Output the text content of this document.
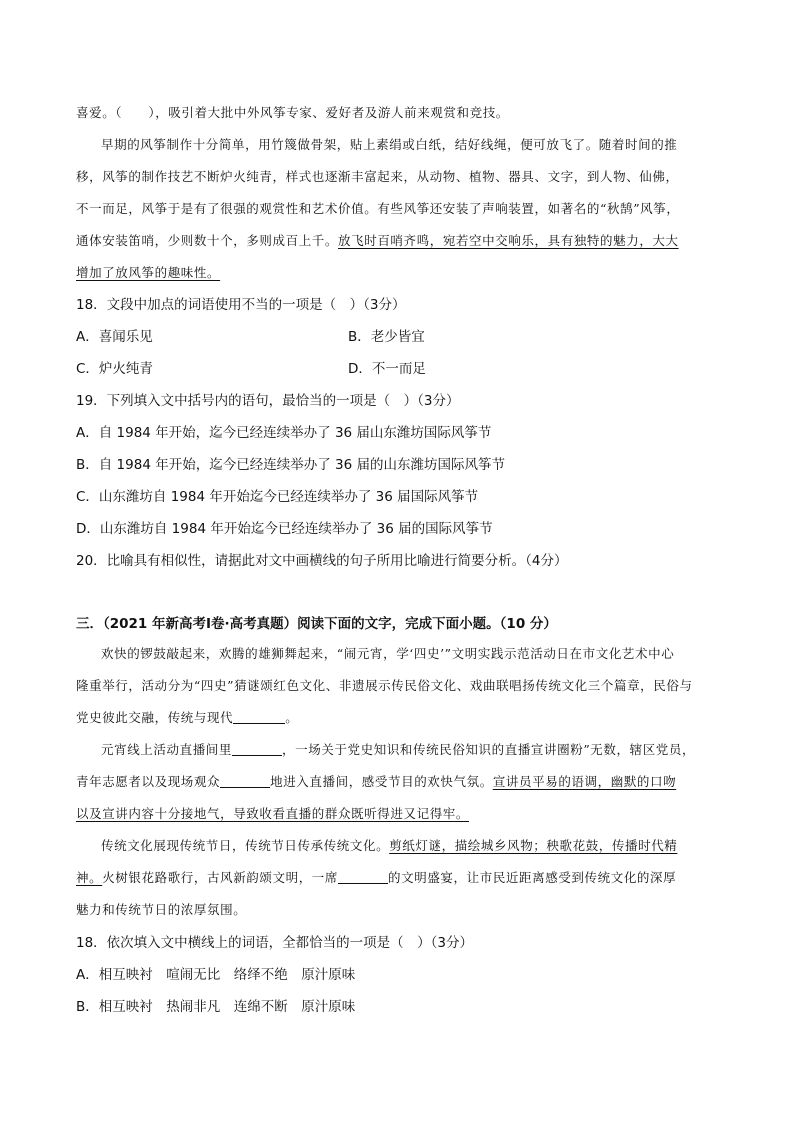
喜爱。（　　），吸引着大批中外风筝专家、爱好者及游人前来观赏和竞技。
早期的风筝制作十分简单，用竹篾做骨架，贴上素绢或白纸，结好线绳，便可放飞了。随着时间的推
移，风筝的制作技艺不断炉火纯青，样式也逐渐丰富起来，从动物、植物、器具、文字，到人物、仙佛，
不一而足，风筝于是有了很强的观赏性和艺术价值。有些风筝还安装了声响装置，如著名的“秋鹄”风筝，
通体安装笛哨，少则数十个，多则成百上千。放飞时百哨齐鸣，宛若空中交响乐，具有独特的魅力，大大
增加了放风筝的趣味性。
18．文段中加点的词语使用不当的一项是（　）（3分）
A．喜闻乐见	B．老少皆宜
C．炉火纯青	D．不一而足
19．下列填入文中括号内的语句，最恰当的一项是（　）（3分）
A．自 1984 年开始，迄今已经连续举办了 36 届山东潍坊国际风筝节
B．自 1984 年开始，迄今已经连续举办了 36 届的山东潍坊国际风筝节
C．山东潍坊自 1984 年开始迄今已经连续举办了 36 届国际风筝节
D．山东潍坊自 1984 年开始迄今已经连续举办了 36 届的国际风筝节
20．比喻具有相似性，请据此对文中画横线的句子所用比喻进行简要分析。（4分）
三．（2021 年新高考Ⅰ卷·高考真题）阅读下面的文字，完成下面小题。（10 分）
欢快的锣鼓敲起来，欢腾的雄狮舞起来，“闹元宵，学‘四史’”文明实践示范活动日在市文化艺术中心
隆重举行，活动分为“四史”猜谜颂红色文化、非遗展示传民俗文化、戏曲联唱扬传统文化三个篇章，民俗与
党史彼此交融，传统与现代	。
元宵线上活动直播间里	，一场关于党史知识和传统民俗知识的直播宣讲圈粉”无数，辖区党员，
青年志愿者以及现场观众	地进入直播间，感受节目的欢快气氛。宣讲员平易的语调，幽默的口吻
以及宣讲内容十分接地气，导致收看直播的群众既听得进又记得牢。
传统文化展现传统节日，传统节日传承传统文化。剪纸灯谜，描绘城乡风物；秧歌花鼓，传播时代精
神。火树银花路歌行，古风新韵颂文明，一席	的文明盛宴，让市民近距离感受到传统文化的深厚
魅力和传统节日的浓厚氛围。
18．依次填入文中横线上的词语，全都恰当的一项是（　）（3分）
A．相互映衬　喧闹无比　络绎不绝　原汁原味
B．相互映衬　热闹非凡　连绵不断　原汁原味
